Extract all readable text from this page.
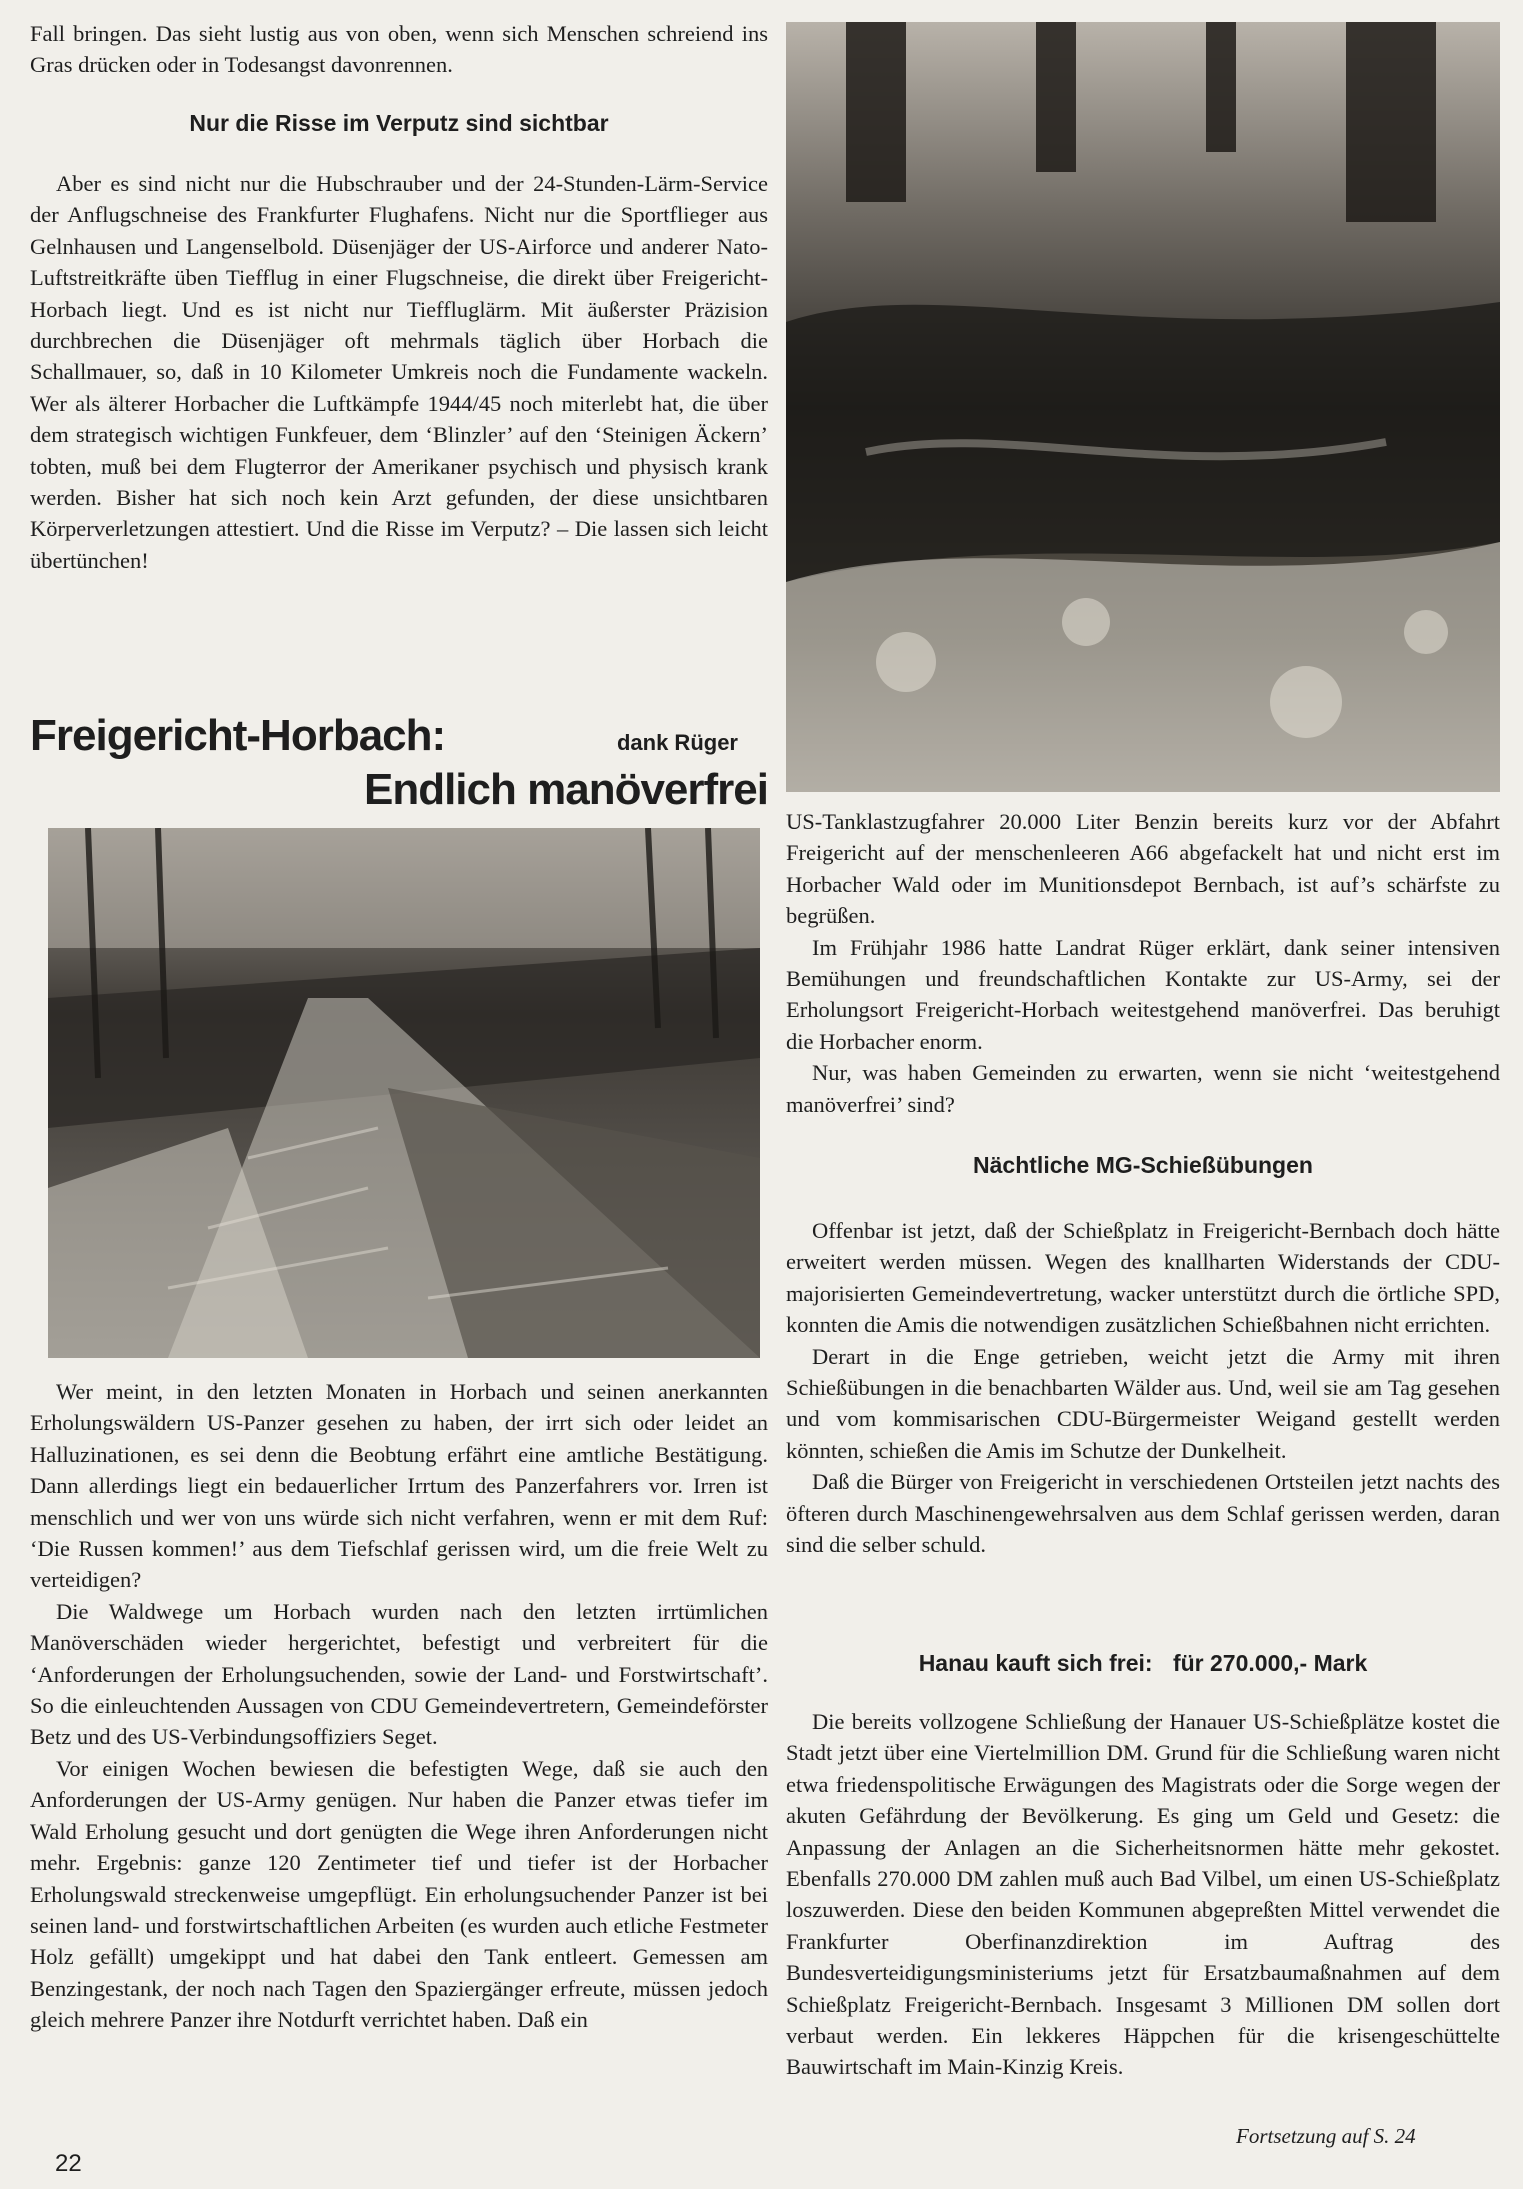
Fall bringen. Das sieht lustig aus von oben, wenn sich Menschen schreiend ins Gras drücken oder in Todesangst davonrennen.

Nur die Risse im Verputz sind sichtbar

Aber es sind nicht nur die Hubschrauber und der 24-Stunden-Lärm-Service der Anflugschneise des Frankfurter Flughafens. Nicht nur die Sportflieger aus Gelnhausen und Langenselbold. Düsenjäger der US-Airforce und anderer Nato-Luftstreitkräfte üben Tiefflug in einer Flugschneise, die direkt über Freigericht-Horbach liegt. Und es ist nicht nur Tieffluglärm. Mit äußerster Präzision durchbrechen die Düsenjäger oft mehrmals täglich über Horbach die Schallmauer, so, daß in 10 Kilometer Umkreis noch die Fundamente wackeln. Wer als älterer Horbacher die Luftkämpfe 1944/45 noch miterlebt hat, die über dem strategisch wichtigen Funkfeuer, dem ‘Blinzler’ auf den ‘Steinigen Äckern’ tobten, muß bei dem Flugterror der Amerikaner psychisch und physisch krank werden. Bisher hat sich noch kein Arzt gefunden, der diese unsichtbaren Körperverletzungen attestiert. Und die Risse im Verputz? – Die lassen sich leicht übertünchen!

Freigericht-Horbach:	dank Rüger
Endlich manöverfrei

Wer meint, in den letzten Monaten in Horbach und seinen anerkannten Erholungswäldern US-Panzer gesehen zu haben, der irrt sich oder leidet an Halluzinationen, es sei denn die Beobtung erfährt eine amtliche Bestätigung. Dann allerdings liegt ein bedauerlicher Irrtum des Panzerfahrers vor. Irren ist menschlich und wer von uns würde sich nicht verfahren, wenn er mit dem Ruf: ‘Die Russen kommen!’ aus dem Tiefschlaf gerissen wird, um die freie Welt zu verteidigen?

Die Waldwege um Horbach wurden nach den letzten irrtümlichen Manöverschäden wieder hergerichtet, befestigt und verbreitert für die ‘Anforderungen der Erholungsuchenden, sowie der Land- und Forstwirtschaft’. So die einleuchtenden Aussagen von CDU Gemeindevertretern, Gemeindeförster Betz und des US-Verbindungsoffiziers Seget.

Vor einigen Wochen bewiesen die befestigten Wege, daß sie auch den Anforderungen der US-Army genügen. Nur haben die Panzer etwas tiefer im Wald Erholung gesucht und dort genügten die Wege ihren Anforderungen nicht mehr. Ergebnis: ganze 120 Zentimeter tief und tiefer ist der Horbacher Erholungswald streckenweise umgepflügt. Ein erholungsuchender Panzer ist bei seinen land- und forstwirtschaftlichen Arbeiten (es wurden auch etliche Festmeter Holz gefällt) umgekippt und hat dabei den Tank entleert. Gemessen am Benzingestank, der noch nach Tagen den Spaziergänger erfreute, müssen jedoch gleich mehrere Panzer ihre Notdurft verrichtet haben. Daß ein

US-Tanklastzugfahrer 20.000 Liter Benzin bereits kurz vor der Abfahrt Freigericht auf der menschenleeren A66 abgefackelt hat und nicht erst im Horbacher Wald oder im Munitionsdepot Bernbach, ist auf’s schärfste zu begrüßen.

Im Frühjahr 1986 hatte Landrat Rüger erklärt, dank seiner intensiven Bemühungen und freundschaftlichen Kontakte zur US-Army, sei der Erholungsort Freigericht-Horbach weitestgehend manöverfrei. Das beruhigt die Horbacher enorm.

Nur, was haben Gemeinden zu erwarten, wenn sie nicht ‘weitestgehend manöverfrei’ sind?

Nächtliche MG-Schießübungen

Offenbar ist jetzt, daß der Schießplatz in Freigericht-Bernbach doch hätte erweitert werden müssen. Wegen des knallharten Widerstands der CDU-majorisierten Gemeindevertretung, wacker unterstützt durch die örtliche SPD, konnten die Amis die notwendigen zusätzlichen Schießbahnen nicht errichten.

Derart in die Enge getrieben, weicht jetzt die Army mit ihren Schießübungen in die benachbarten Wälder aus. Und, weil sie am Tag gesehen und vom kommisarischen CDU-Bürgermeister Weigand gestellt werden könnten, schießen die Amis im Schutze der Dunkelheit.

Daß die Bürger von Freigericht in verschiedenen Ortsteilen jetzt nachts des öfteren durch Maschinengewehrsalven aus dem Schlaf gerissen werden, daran sind die selber schuld.

Hanau kauft sich frei: für 270.000,- Mark

Die bereits vollzogene Schließung der Hanauer US-Schießplätze kostet die Stadt jetzt über eine Viertelmillion DM. Grund für die Schließung waren nicht etwa friedenspolitische Erwägungen des Magistrats oder die Sorge wegen der akuten Gefährdung der Bevölkerung. Es ging um Geld und Gesetz: die Anpassung der Anlagen an die Sicherheitsnormen hätte mehr gekostet. Ebenfalls 270.000 DM zahlen muß auch Bad Vilbel, um einen US-Schießplatz loszuwerden. Diese den beiden Kommunen abgepreßten Mittel verwendet die Frankfurter Oberfinanzdirektion im Auftrag des Bundesverteidigungsministeriums jetzt für Ersatzbaumaßnahmen auf dem Schießplatz Freigericht-Bernbach. Insgesamt 3 Millionen DM sollen dort verbaut werden. Ein lekkeres Häppchen für die krisengeschüttelte Bauwirtschaft im Main-Kinzig Kreis.

Fortsetzung auf S. 24
22
